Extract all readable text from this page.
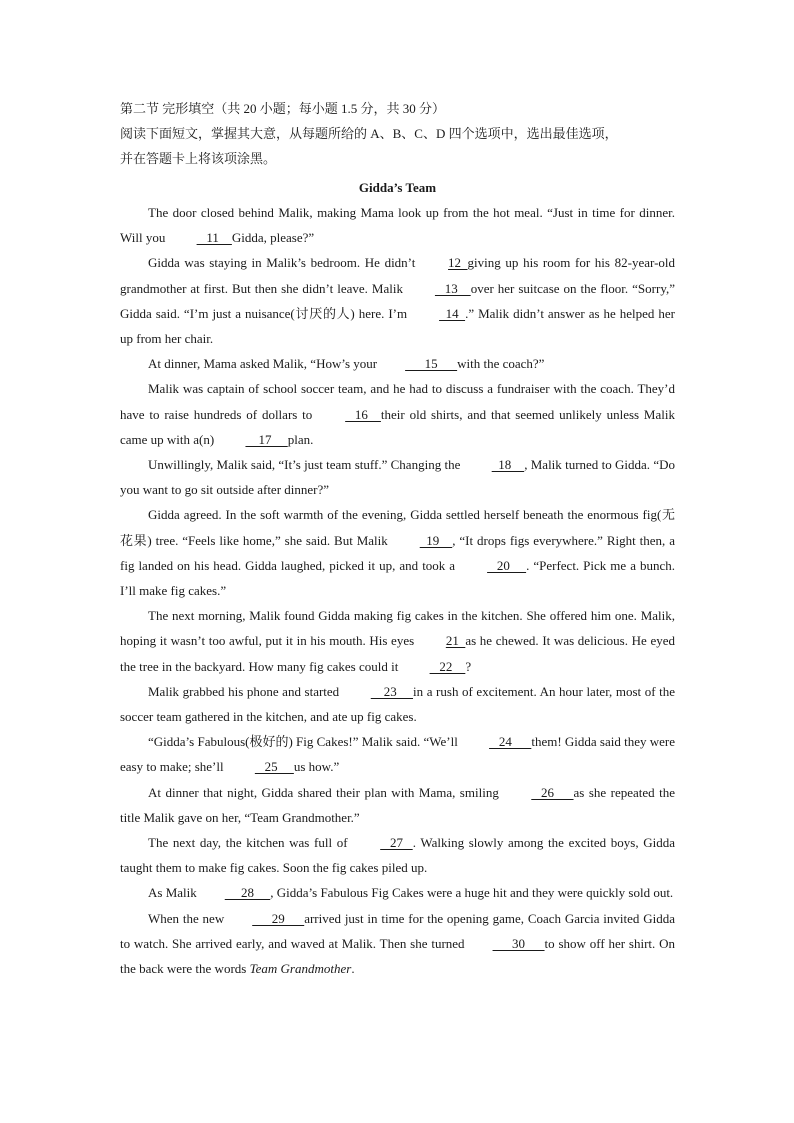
第二节 完形填空（共 20 小题；每小题 1.5 分，共 30 分）

阅读下面短文，掌握其大意，从每题所给的 A、B、C、D 四个选项中，选出最佳选项，

并在答题卡上将该项涂黑。

Gidda’s Team

The door closed behind Malik, making Mama look up from the hot meal. “Just in time for dinner. Will you    11    Gidda, please?”

Gidda was staying in Malik’s bedroom. He didn’t 12  giving up his room for his 82-year-old grandmother at first. But then she didn’t leave. Malik    13    over her suitcase on the floor. “Sorry,” Gidda said. “I’m just a nuisance(讨厌的人) here. I’m   14  .” Malik didn’t answer as he helped her up from her chair.

At dinner, Mama asked Malik, “How’s your      15      with the coach?”

Malik was captain of school soccer team, and he had to discuss a fundraiser with the coach. They’d have to raise hundreds of dollars to    16    their old shirts, and that seemed unlikely unless Malik came up with a(n)     17     plan.

Unwillingly, Malik said, “It’s just team stuff.” Changing the   18    , Malik turned to Gidda. “Do you want to go sit outside after dinner?”

Gidda agreed. In the soft warmth of the evening, Gidda settled herself beneath the enormous fig(无花果) tree. “Feels like home,” she said. But Malik   19    , “It drops figs everywhere.” Right then, a fig landed on his head. Gidda laughed, picked it up, and took a    20     . “Perfect. Pick me a bunch. I’ll make fig cakes.”

The next morning, Malik found Gidda making fig cakes in the kitchen. She offered him one. Malik, hoping it wasn’t too awful, put it in his mouth. His eyes 21  as he chewed. It was delicious. He eyed the tree in the backyard. How many fig cakes could it    22    ?

Malik grabbed his phone and started     23     in a rush of excitement. An hour later, most of the soccer team gathered in the kitchen, and ate up fig cakes.

“Gidda’s Fabulous(极好的) Fig Cakes!” Malik said. “We’ll    24      them! Gidda said they were easy to make; she’ll    25     us how.”

At dinner that night, Gidda shared their plan with Mama, smiling    26      as she repeated the title Malik gave on her, “Team Grandmother.”

The next day, the kitchen was full of    27   . Walking slowly among the excited boys, Gidda taught them to make fig cakes. Soon the fig cakes piled up.

As Malik     28     , Gidda’s Fabulous Fig Cakes were a huge hit and they were quickly sold out.

When the new      29      arrived just in time for the opening game, Coach Garcia invited Gidda to watch. She arrived early, and waved at Malik. Then she turned      30      to show off her shirt. On the back were the words Team Grandmother.
